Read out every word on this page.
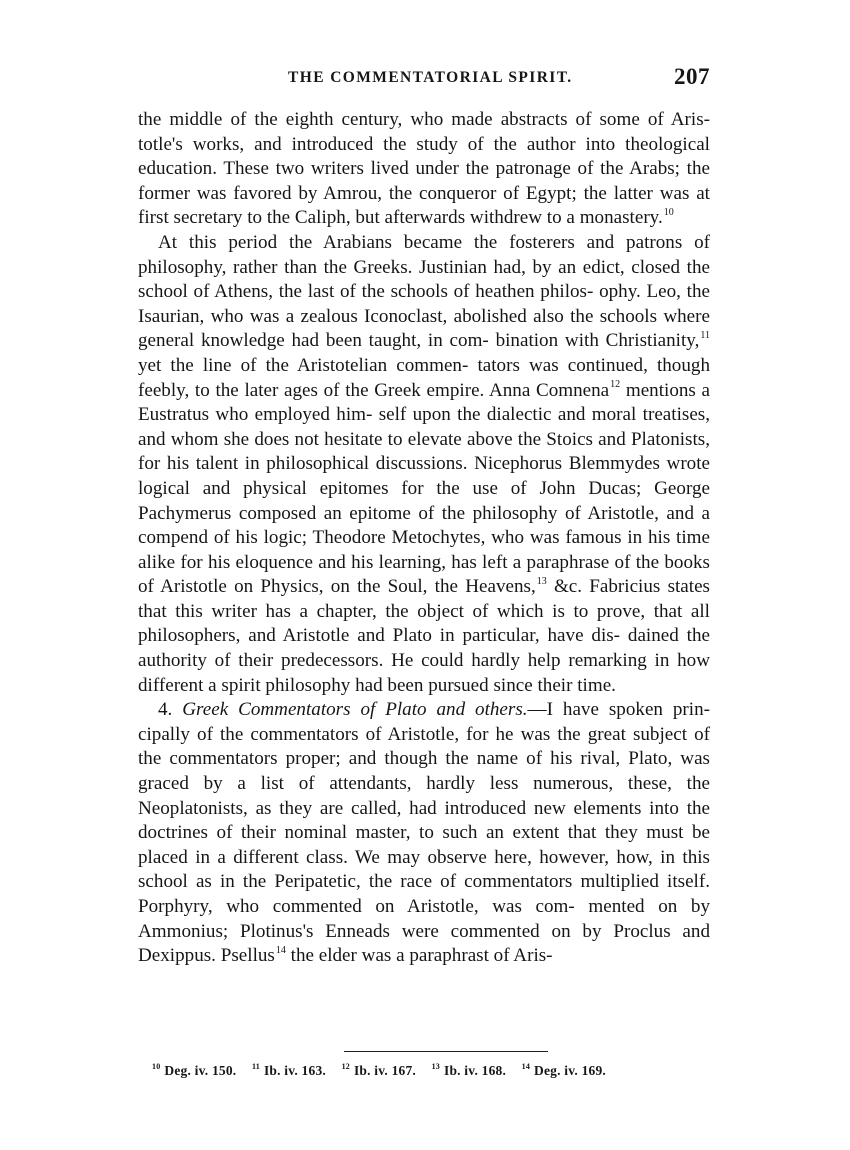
THE COMMENTATORIAL SPIRIT.	207

the middle of the eighth century, who made abstracts of some of Aris- totle's works, and introduced the study of the author into theological education. These two writers lived under the patronage of the Arabs; the former was favored by Amrou, the conqueror of Egypt; the latter was at first secretary to the Caliph, but afterwards withdrew to a monastery.$^{10}$

At this period the Arabians became the fosterers and patrons of philosophy, rather than the Greeks. Justinian had, by an edict, closed the school of Athens, the last of the schools of heathen philos- ophy. Leo, the Isaurian, who was a zealous Iconoclast, abolished also the schools where general knowledge had been taught, in com- bination with Christianity,$^{11}$ yet the line of the Aristotelian commen- tators was continued, though feebly, to the later ages of the Greek empire. Anna Comnena$^{12}$ mentions a Eustratus who employed him- self upon the dialectic and moral treatises, and whom she does not hesitate to elevate above the Stoics and Platonists, for his talent in philosophical discussions. Nicephorus Blemmydes wrote logical and physical epitomes for the use of John Ducas; George Pachymerus composed an epitome of the philosophy of Aristotle, and a compend of his logic; Theodore Metochytes, who was famous in his time alike for his eloquence and his learning, has left a paraphrase of the books of Aristotle on Physics, on the Soul, the Heavens,$^{13}$ &c. Fabricius states that this writer has a chapter, the object of which is to prove, that all philosophers, and Aristotle and Plato in particular, have dis- dained the authority of their predecessors. He could hardly help remarking in how different a spirit philosophy had been pursued since their time.

4. Greek Commentators of Plato and others.—I have spoken prin- cipally of the commentators of Aristotle, for he was the great subject of the commentators proper; and though the name of his rival, Plato, was graced by a list of attendants, hardly less numerous, these, the Neoplatonists, as they are called, had introduced new elements into the doctrines of their nominal master, to such an extent that they must be placed in a different class. We may observe here, however, how, in this school as in the Peripatetic, the race of commentators multiplied itself. Porphyry, who commented on Aristotle, was com- mented on by Ammonius; Plotinus's Enneads were commented on by Proclus and Dexippus. Psellus$^{14}$ the elder was a paraphrast of Aris-

$^{10}$ Deg. iv. 150. $^{11}$ Ib. iv. 163. $^{12}$ Ib. iv. 167. $^{13}$ Ib. iv. 168. $^{14}$ Deg. iv. 169.
